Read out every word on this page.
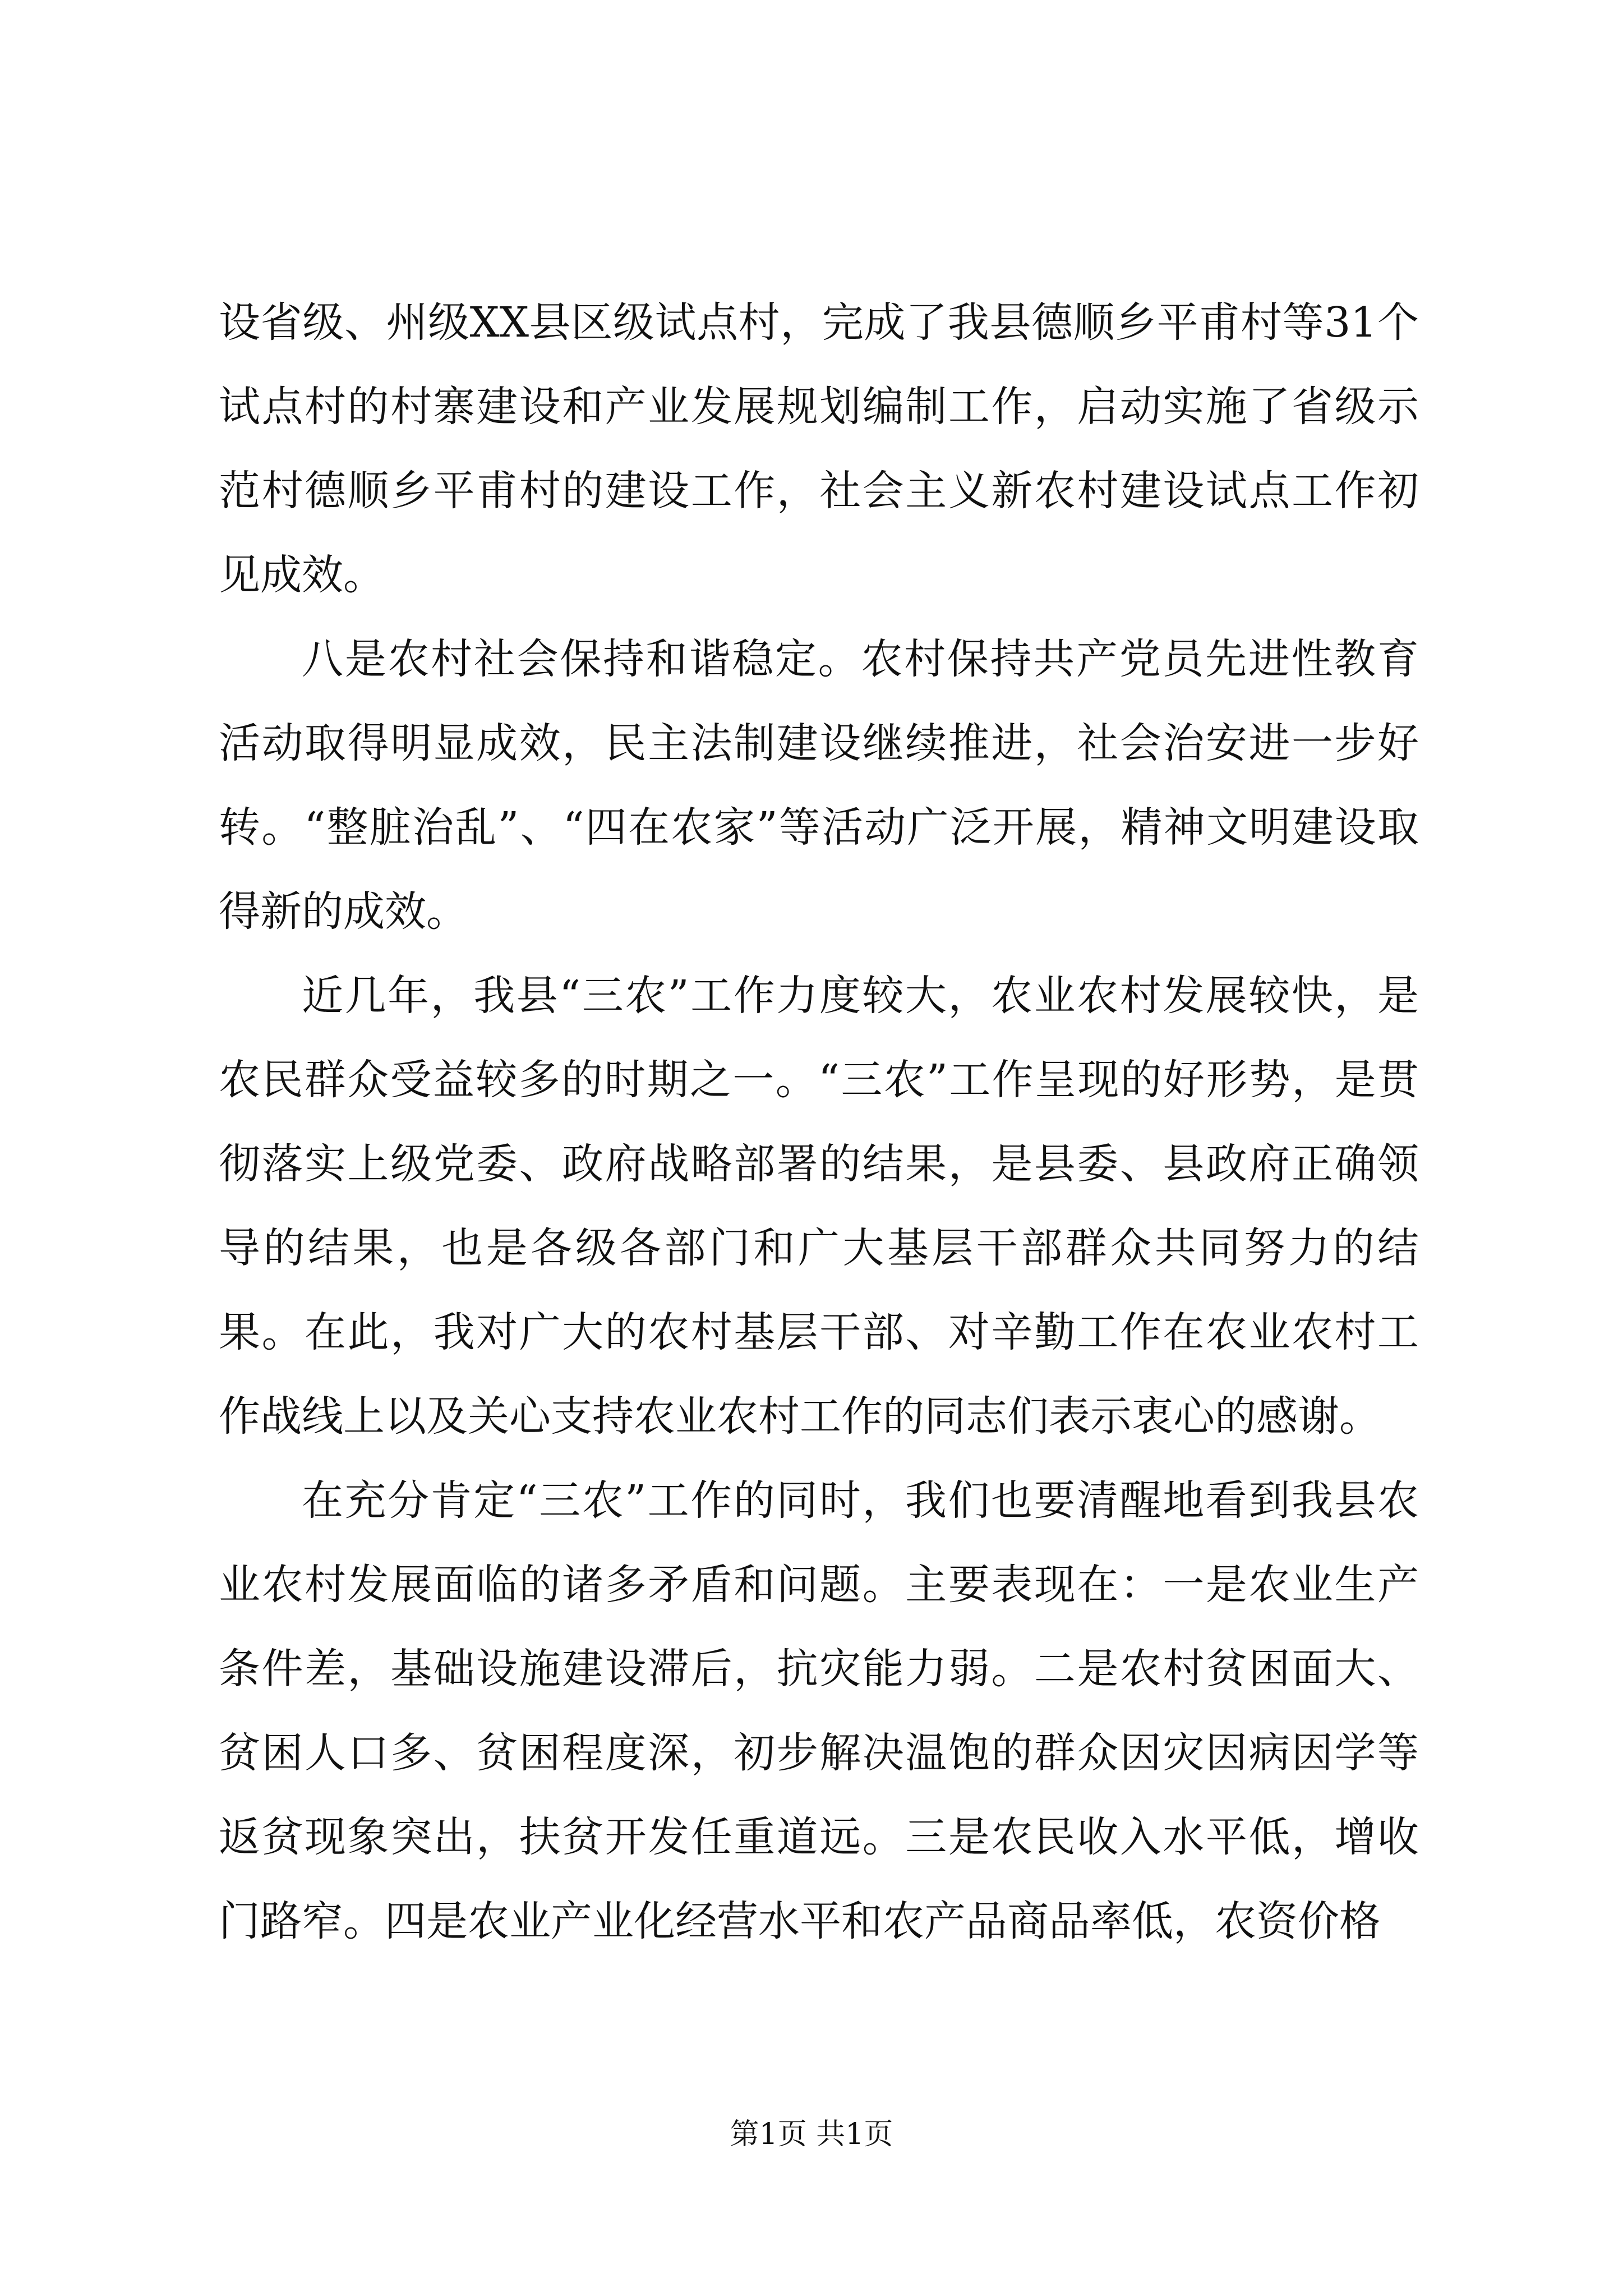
设省级、州级XX县区级试点村，完成了我县德顺乡平甫村等31个试点村的村寨建设和产业发展规划编制工作，启动实施了省级示范村德顺乡平甫村的建设工作，社会主义新农村建设试点工作初见成效。

八是农村社会保持和谐稳定。农村保持共产党员先进性教育活动取得明显成效，民主法制建设继续推进，社会治安进一步好转。“整脏治乱”、“四在农家”等活动广泛开展，精神文明建设取得新的成效。

近几年，我县“三农”工作力度较大，农业农村发展较快，是农民群众受益较多的时期之一。“三农”工作呈现的好形势，是贯彻落实上级党委、政府战略部署的结果，是县委、县政府正确领导的结果，也是各级各部门和广大基层干部群众共同努力的结果。在此，我对广大的农村基层干部、对辛勤工作在农业农村工作战线上以及关心支持农业农村工作的同志们表示衷心的感谢。

在充分肯定“三农”工作的同时，我们也要清醒地看到我县农业农村发展面临的诸多矛盾和问题。主要表现在：一是农业生产条件差，基础设施建设滞后，抗灾能力弱。二是农村贫困面大、贫困人口多、贫困程度深，初步解决温饱的群众因灾因病因学等返贫现象突出，扶贫开发任重道远。三是农民收入水平低，增收门路窄。四是农业产业化经营水平和农产品商品率低，农资价格

第1页 共1页
